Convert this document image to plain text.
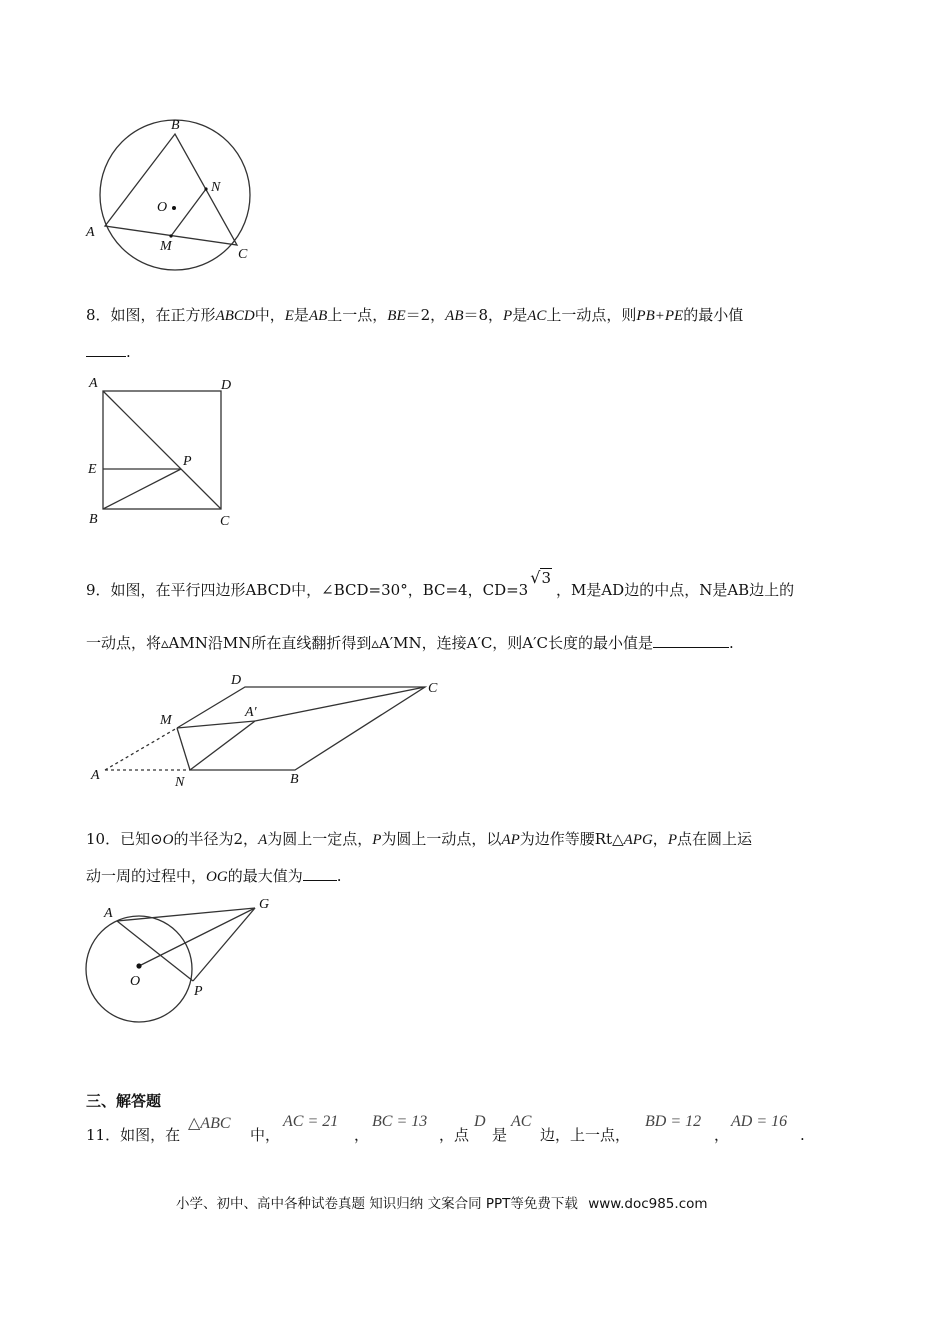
B
A
C
N
M
O
8．如图，在正方形ABCD中，E是AB上一点，BE＝2，AB＝8，P是AC上一动点，则PB+PE的最小值
.
A	D
E
P
B	C
9．如图，在平行四边形ABCD中，∠BCD=30°，BC=4，CD=3√3，M是AD边的中点，N是AB边上的
一动点，将▵AMN沿MN所在直线翻折得到▵A′MN，连接A′C，则A′C长度的最小值是	.
D
C
M
A′
A	N	B
10．已知⊙O的半径为2，A为圆上一定点，P为圆上一动点，以AP为边作等腰Rt△APG，P点在圆上运
动一周的过程中，OG的最大值为 .
A
G
O
P
三、解答题
11．如图，在
△ABC
中，
AC = 21
，
BC = 13
，点
D
是
AC
边，上一点，
BD = 12
，
AD = 16
.
小学、初中、高中各种试卷真题 知识归纳 文案合同 PPT等免费下载 www.doc985.com
